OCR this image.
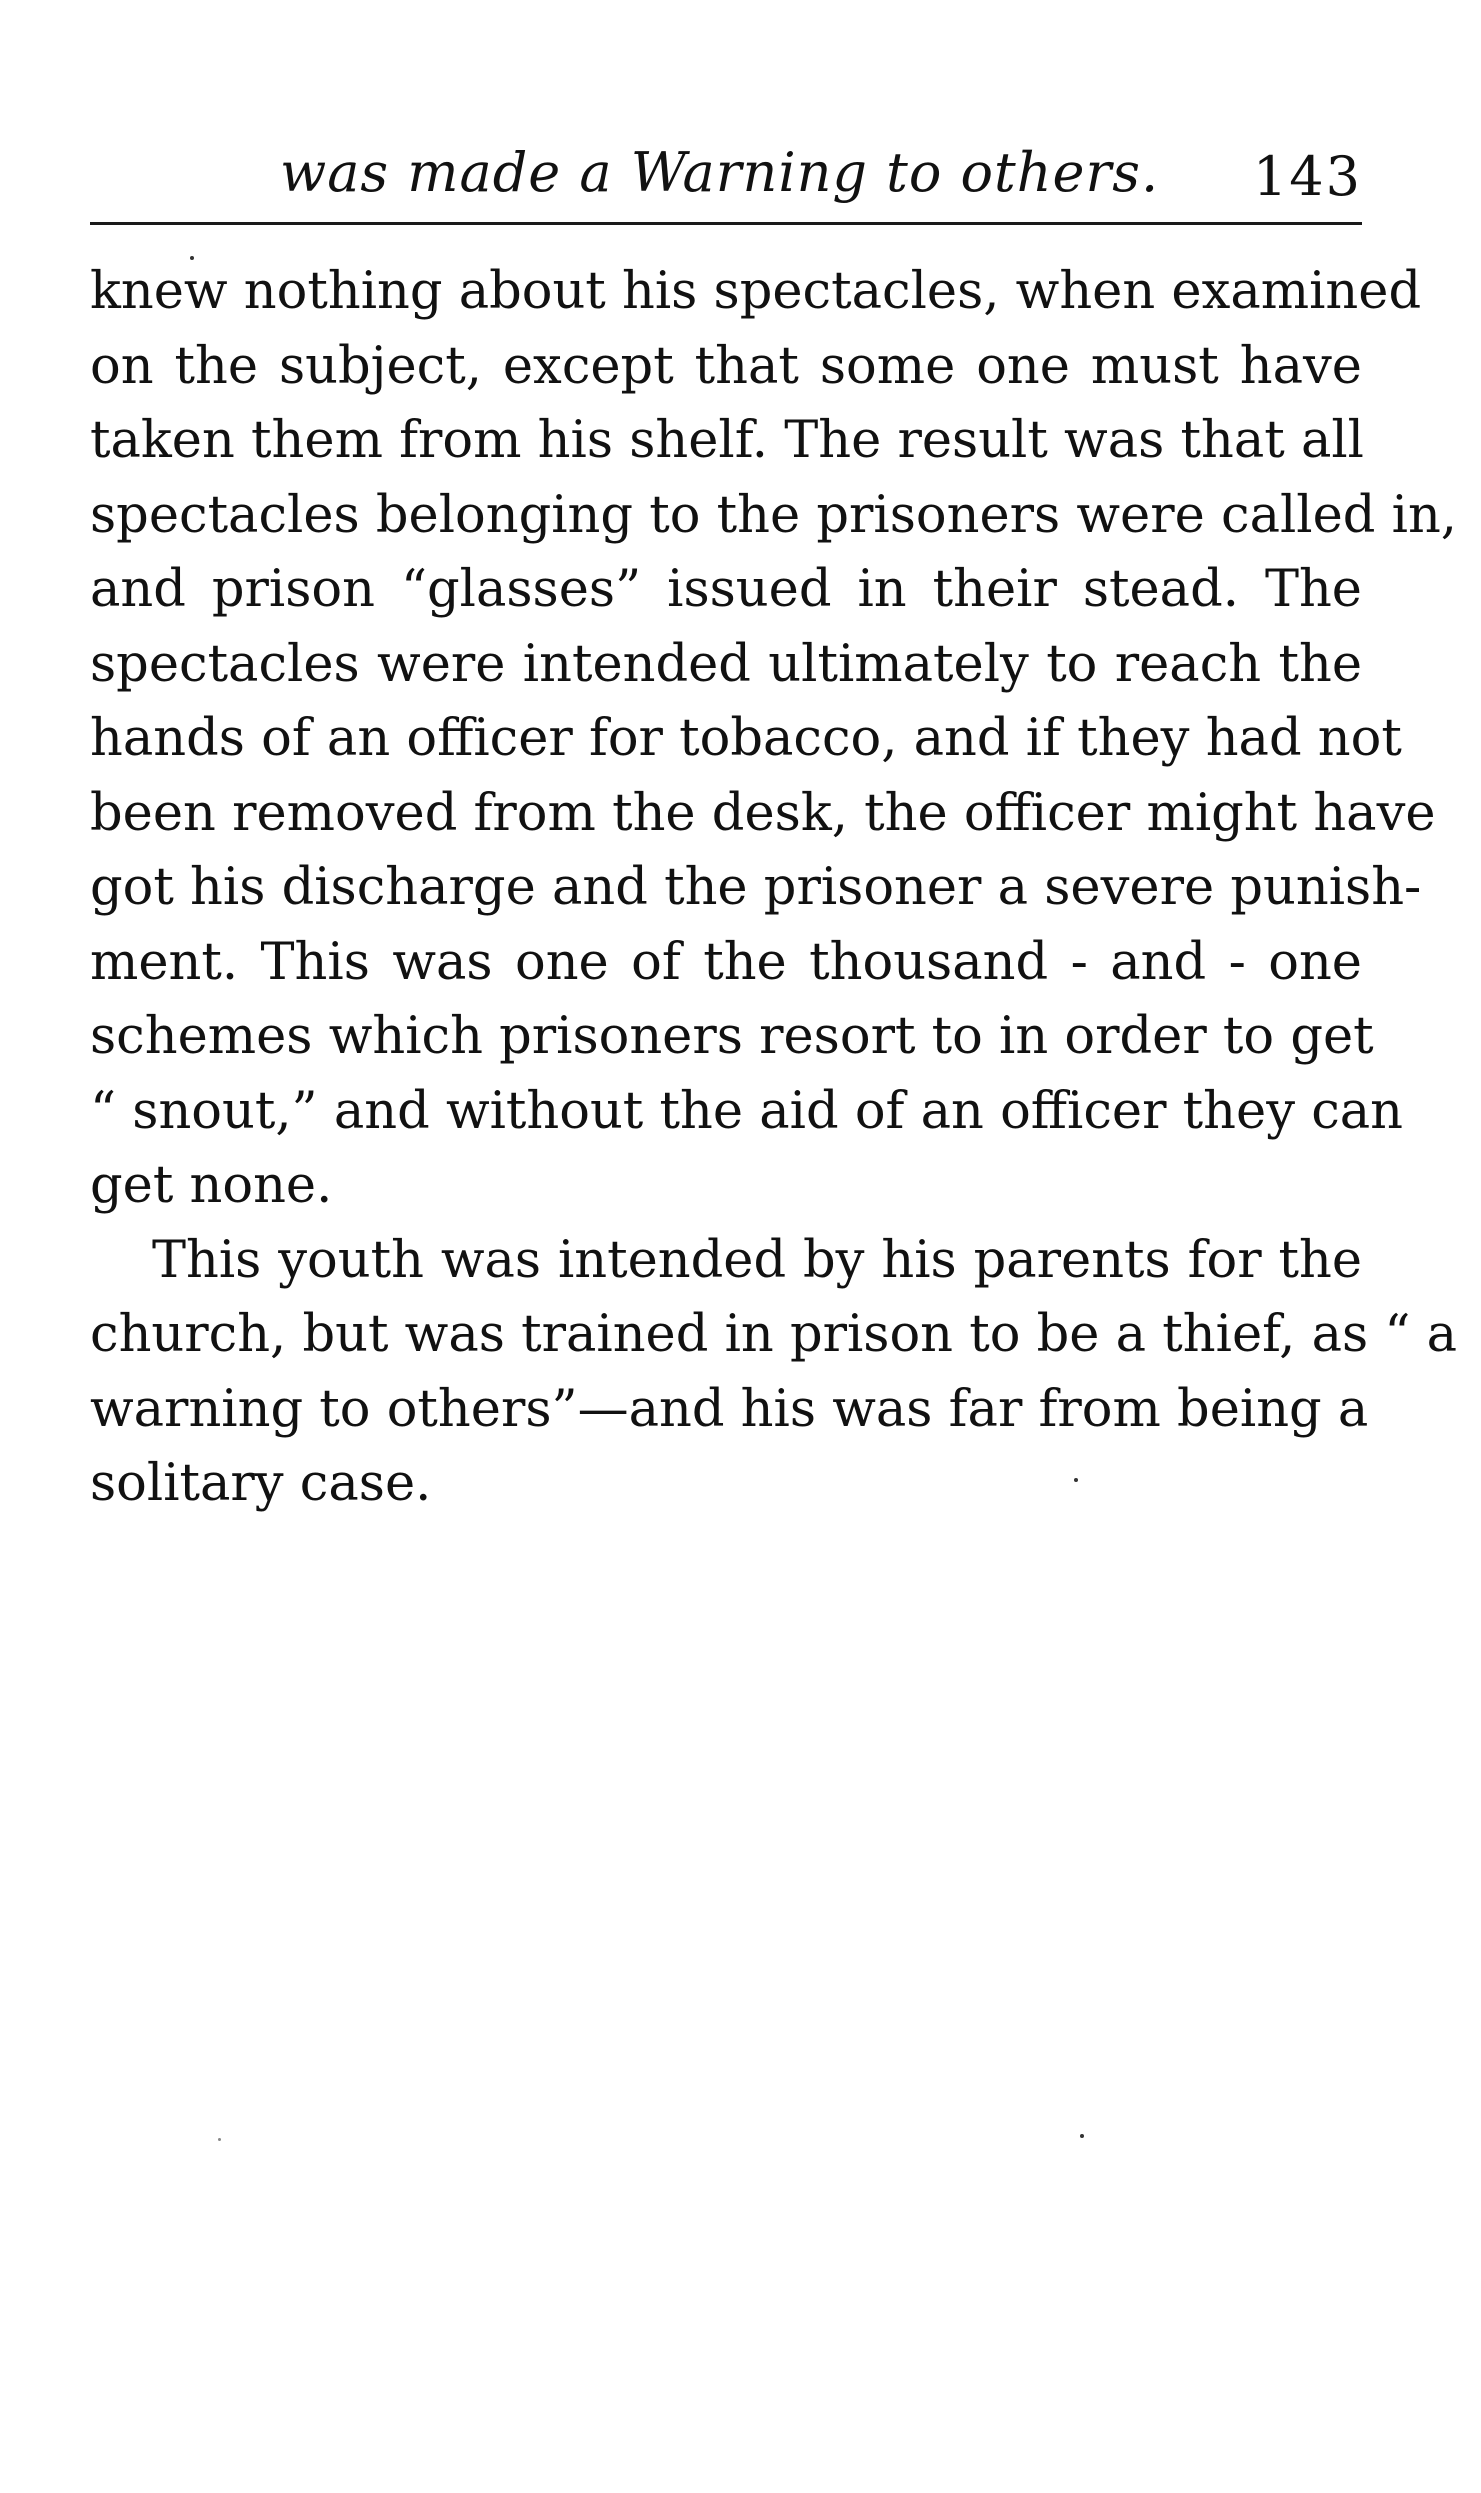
was made a Warning to others. 143
knew nothing about his spectacles, when examined
on the subject, except that some one must have
taken them from his shelf. The result was that all
spectacles belonging to the prisoners were called in,
and prison “glasses” issued in their stead. The
spectacles were intended ultimately to reach the
hands of an officer for tobacco, and if they had not
been removed from the desk, the officer might have
got his discharge and the prisoner a severe punish-
ment. This was one of the thousand - and - one
schemes which prisoners resort to in order to get
“ snout,” and without the aid of an officer they can
get none.
This youth was intended by his parents for the
church, but was trained in prison to be a thief, as “ a
warning to others”—and his was far from being a
solitary case.
